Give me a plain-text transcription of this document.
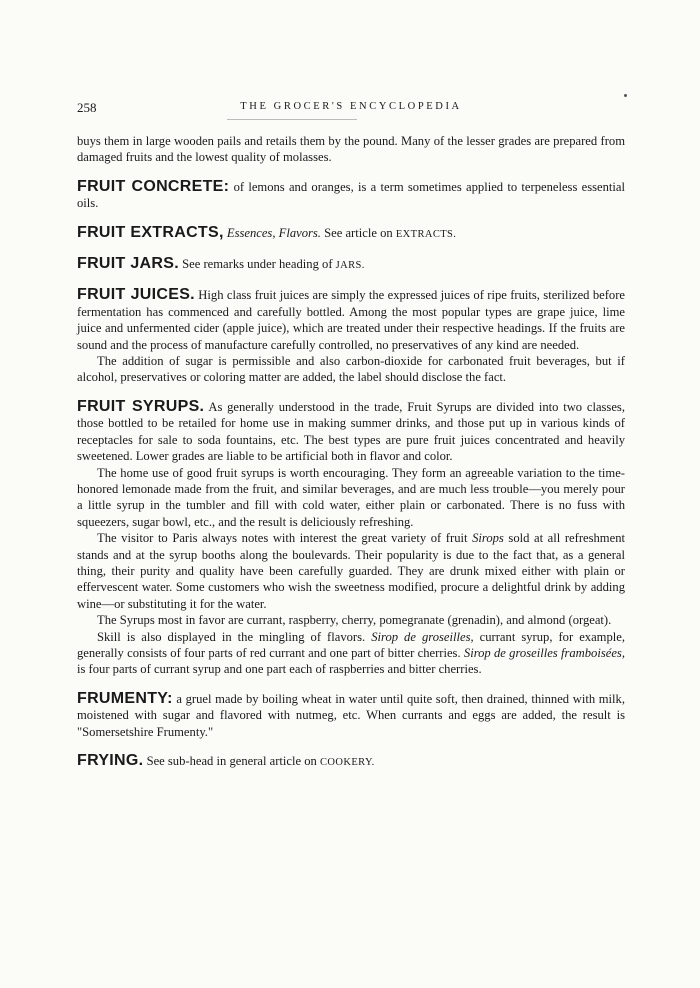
258	THE GROCER'S ENCYCLOPEDIA

buys them in large wooden pails and retails them by the pound. Many of the lesser grades are prepared from damaged fruits and the lowest quality of molasses.

FRUIT CONCRETE: of lemons and oranges, is a term sometimes applied to terpeneless essential oils.

FRUIT EXTRACTS, Essences, Flavors. See article on EXTRACTS.

FRUIT JARS. See remarks under heading of JARS.

FRUIT JUICES. High class fruit juices are simply the expressed juices of ripe fruits, sterilized before fermentation has commenced and carefully bottled. Among the most popular types are grape juice, lime juice and unfermented cider (apple juice), which are treated under their respective headings. If the fruits are sound and the process of manufacture carefully controlled, no preservatives of any kind are needed.

The addition of sugar is permissible and also carbon-dioxide for carbonated fruit beverages, but if alcohol, preservatives or coloring matter are added, the label should disclose the fact.

FRUIT SYRUPS. As generally understood in the trade, Fruit Syrups are divided into two classes, those bottled to be retailed for home use in making summer drinks, and those put up in various kinds of receptacles for sale to soda fountains, etc. The best types are pure fruit juices concentrated and heavily sweetened. Lower grades are liable to be artificial both in flavor and color.

The home use of good fruit syrups is worth encouraging. They form an agreeable variation to the time-honored lemonade made from the fruit, and similar beverages, and are much less trouble—you merely pour a little syrup in the tumbler and fill with cold water, either plain or carbonated. There is no fuss with squeezers, sugar bowl, etc., and the result is deliciously refreshing.

The visitor to Paris always notes with interest the great variety of fruit Sirops sold at all refreshment stands and at the syrup booths along the boulevards. Their popularity is due to the fact that, as a general thing, their purity and quality have been carefully guarded. They are drunk mixed either with plain or effervescent water. Some customers who wish the sweetness modified, procure a delightful drink by adding wine—or substituting it for the water.

The Syrups most in favor are currant, raspberry, cherry, pomegranate (grenadin), and almond (orgeat).

Skill is also displayed in the mingling of flavors. Sirop de groseilles, currant syrup, for example, generally consists of four parts of red currant and one part of bitter cherries. Sirop de groseilles framboisées, is four parts of currant syrup and one part each of raspberries and bitter cherries.

FRUMENTY: a gruel made by boiling wheat in water until quite soft, then drained, thinned with milk, moistened with sugar and flavored with nutmeg, etc. When currants and eggs are added, the result is "Somersetshire Frumenty."

FRYING. See sub-head in general article on COOKERY.
